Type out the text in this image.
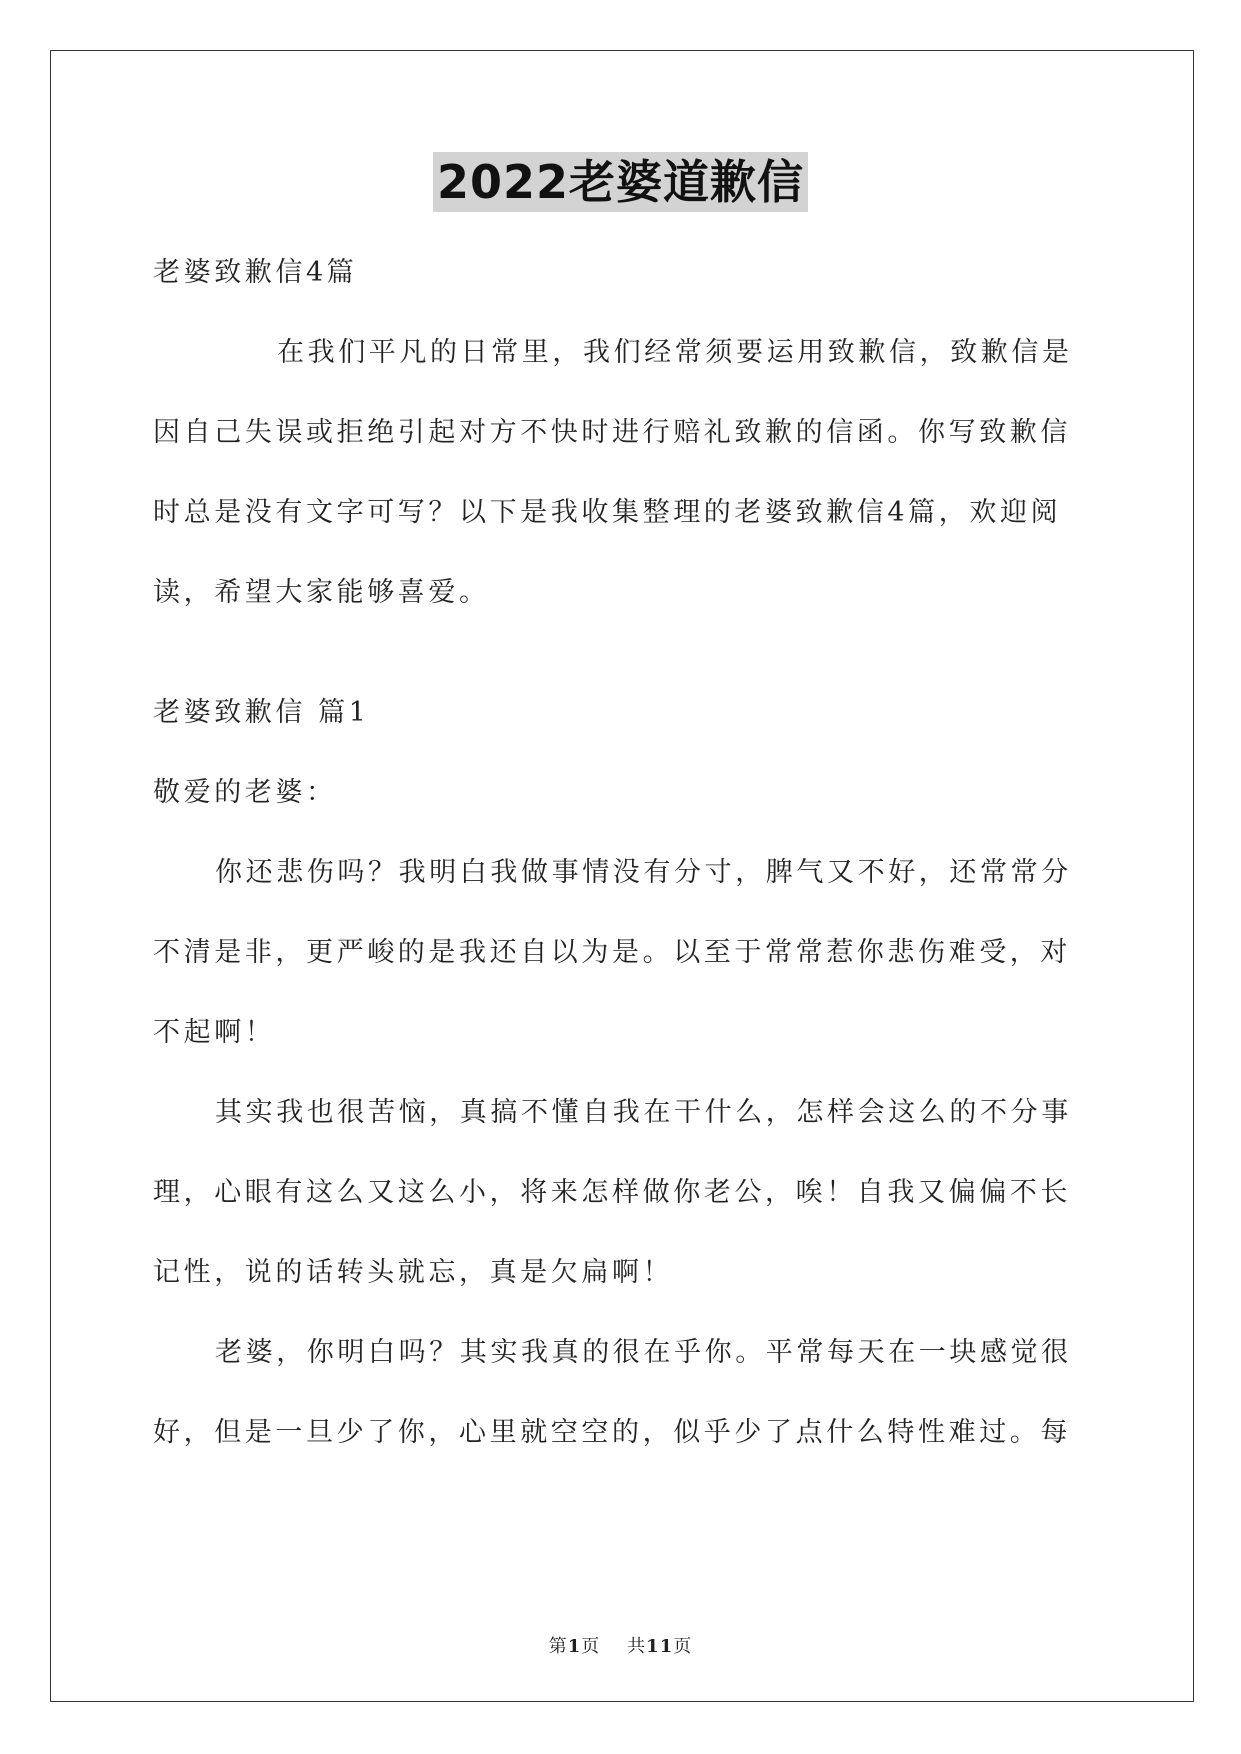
2022老婆道歉信
老婆致歉信4篇
在我们平凡的日常里，我们经常须要运用致歉信，致歉信是
因自己失误或拒绝引起对方不快时进行赔礼致歉的信函。你写致歉信
时总是没有文字可写？以下是我收集整理的老婆致歉信4篇，欢迎阅
读，希望大家能够喜爱。
老婆致歉信 篇1
敬爱的老婆：
你还悲伤吗？我明白我做事情没有分寸，脾气又不好，还常常分
不清是非，更严峻的是我还自以为是。以至于常常惹你悲伤难受，对
不起啊！
其实我也很苦恼，真搞不懂自我在干什么，怎样会这么的不分事
理，心眼有这么又这么小，将来怎样做你老公，唉！自我又偏偏不长
记性，说的话转头就忘，真是欠扁啊！
老婆，你明白吗？其实我真的很在乎你。平常每天在一块感觉很
好，但是一旦少了你，心里就空空的，似乎少了点什么特性难过。每
第1页 共11页
